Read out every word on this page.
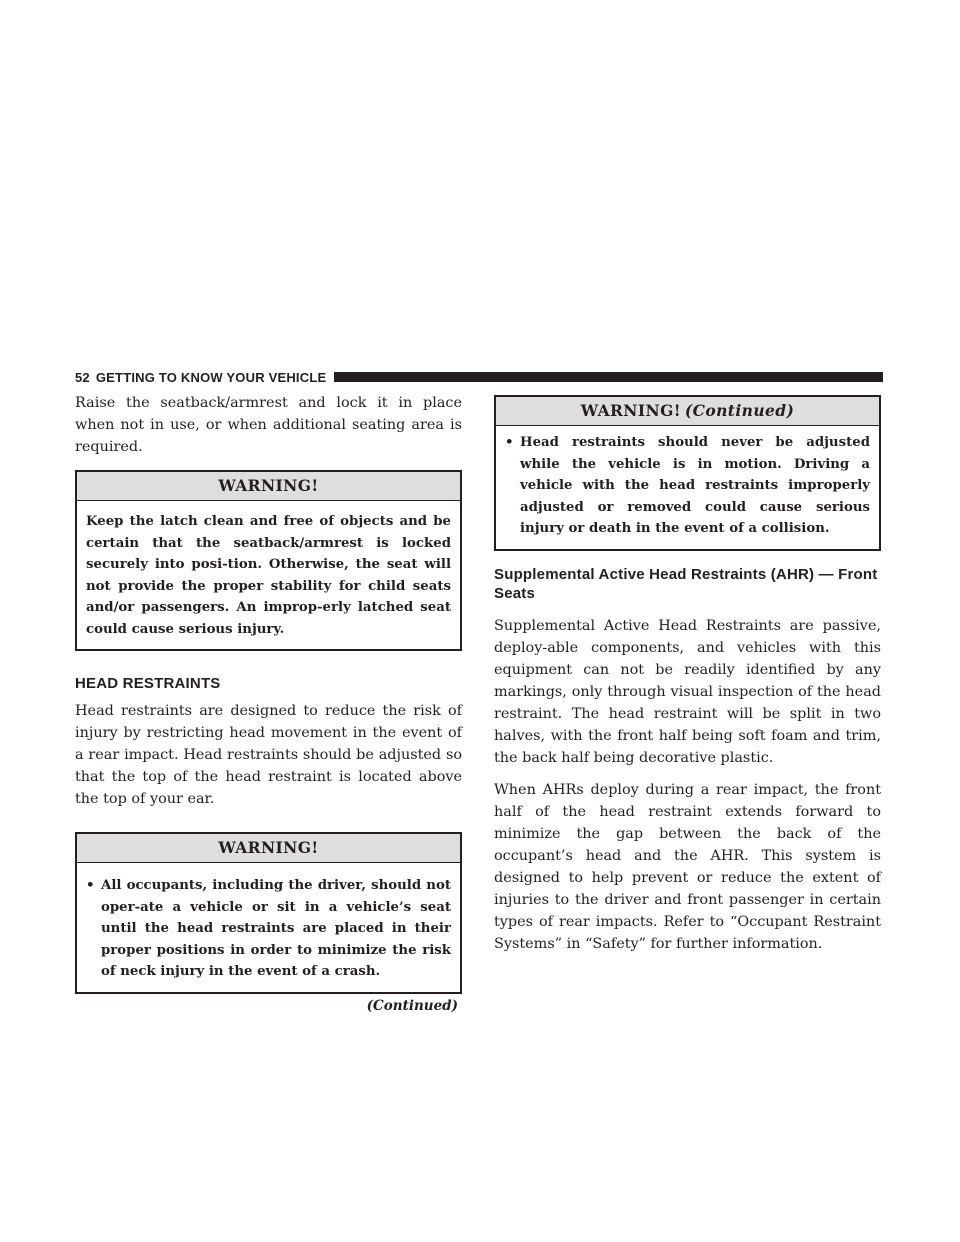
52 GETTING TO KNOW YOUR VEHICLE

Raise the seatback/armrest and lock it in place when not in use, or when additional seating area is required.

WARNING!
Keep the latch clean and free of objects and be certain that the seatback/armrest is locked securely into posi-tion. Otherwise, the seat will not provide the proper stability for child seats and/or passengers. An improp-erly latched seat could cause serious injury.
HEAD RESTRAINTS

Head restraints are designed to reduce the risk of injury by restricting head movement in the event of a rear impact. Head restraints should be adjusted so that the top of the head restraint is located above the top of your ear.

WARNING!
• All occupants, including the driver, should not oper-ate a vehicle or sit in a vehicle’s seat until the head restraints are placed in their proper positions in order to minimize the risk of neck injury in the event of a crash.
(Continued)
WARNING! (Continued)
• Head restraints should never be adjusted while the vehicle is in motion. Driving a vehicle with the head restraints improperly adjusted or removed could cause serious injury or death in the event of a collision.
Supplemental Active Head Restraints (AHR) — Front Seats

Supplemental Active Head Restraints are passive, deploy-able components, and vehicles with this equipment can not be readily identified by any markings, only through visual inspection of the head restraint. The head restraint will be split in two halves, with the front half being soft foam and trim, the back half being decorative plastic.

When AHRs deploy during a rear impact, the front half of the head restraint extends forward to minimize the gap between the back of the occupant’s head and the AHR. This system is designed to help prevent or reduce the extent of injuries to the driver and front passenger in certain types of rear impacts. Refer to “Occupant Restraint Systems” in “Safety” for further information.
